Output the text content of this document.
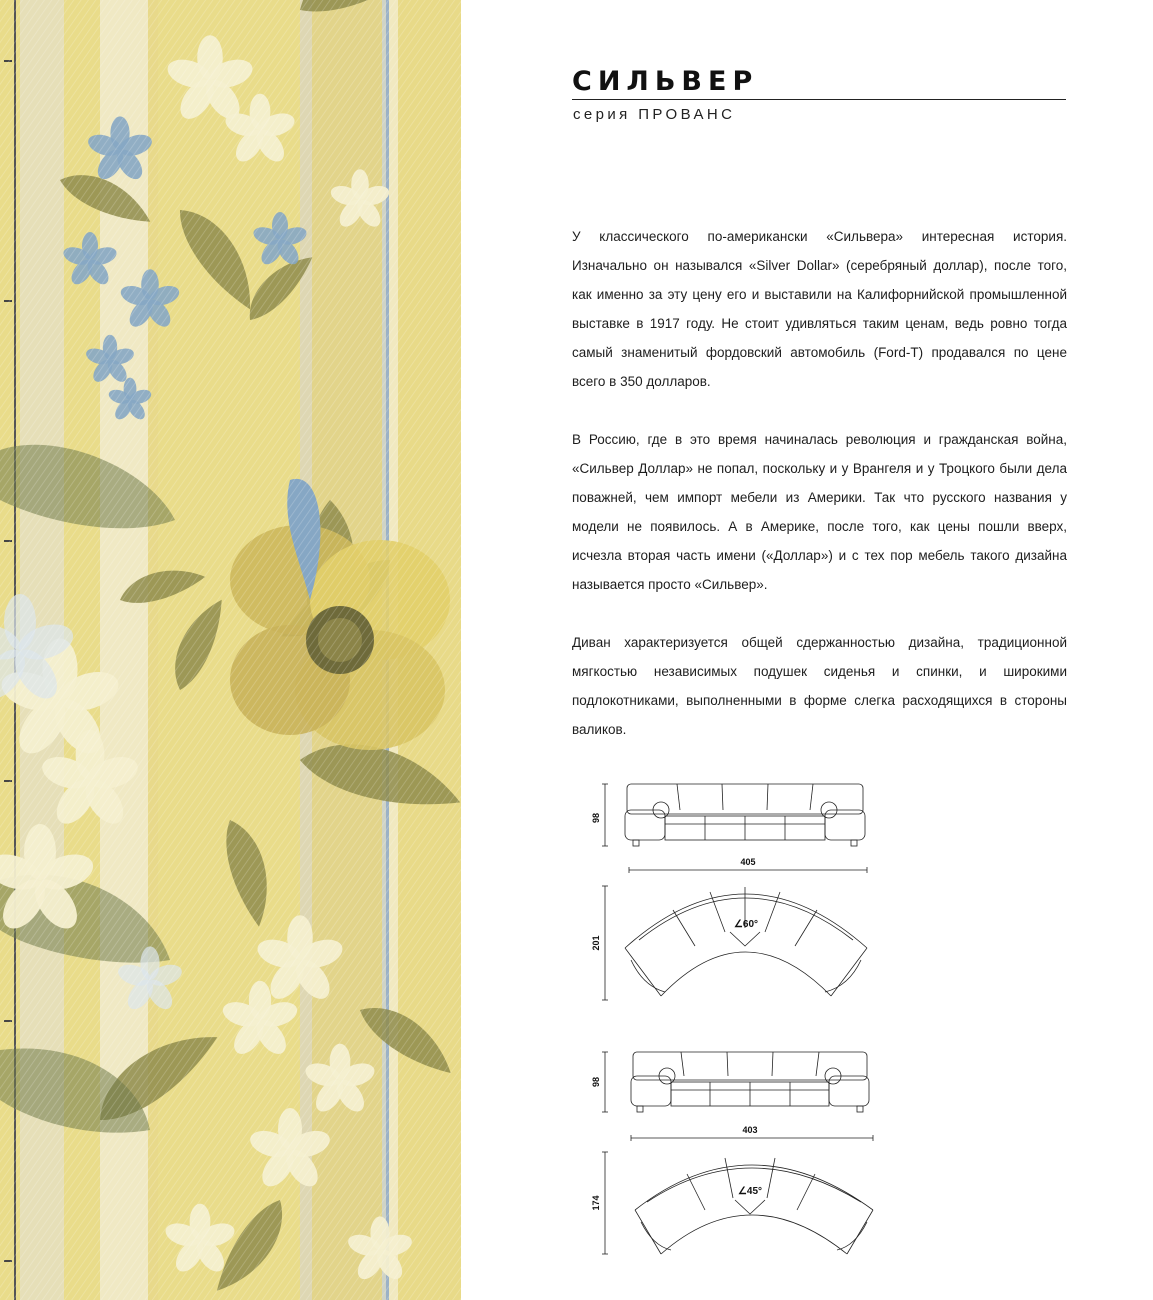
СИЛЬВЕР
серия ПРОВАНС

У классического по-американски «Сильвера» интересная история. Изначально он назывался «Silver Dollar» (серебряный доллар), после того, как именно за эту цену его и выставили на Калифорнийской промышленной выставке в 1917 году. Не стоит удивляться таким ценам, ведь ровно тогда самый знаменитый фордовский автомобиль (Ford-T) продавался по цене всего в 350 долларов.

В Россию, где в это время начиналась революция и гражданская война, «Сильвер Доллар» не попал, поскольку и у Врангеля и у Троцкого были дела поважней, чем импорт мебели из Америки. Так что русского названия у модели не появилось. А в Америке, после того, как цены пошли вверх, исчезла вторая часть имени («Доллар») и с тех пор мебель такого дизайна называется просто «Сильвер».

Диван характеризуется общей сдержанностью дизайна, традиционной мягкостью независимых подушек сиденья и спинки, и широкими подлокотниками, выполненными в форме слегка расходящихся в стороны валиков.

98
405
201
∠60°
98
403
174
∠45°
